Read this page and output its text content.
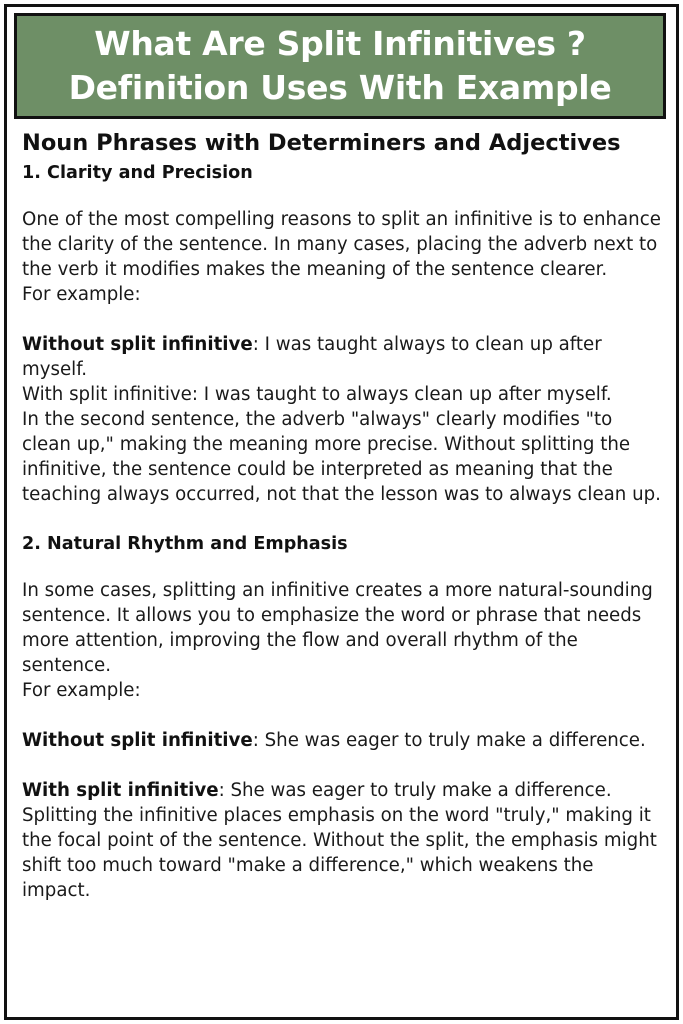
What Are Split Infinitives ?
Definition Uses With Example
Noun Phrases with Determiners and Adjectives
1. Clarity and Precision

One of the most compelling reasons to split an infinitive is to enhance the clarity of the sentence. In many cases, placing the adverb next to the verb it modifies makes the meaning of the sentence clearer.

For example:

Without split infinitive: I was taught always to clean up after myself.

With split infinitive: I was taught to always clean up after myself.

In the second sentence, the adverb "always" clearly modifies "to clean up," making the meaning more precise. Without splitting the infinitive, the sentence could be interpreted as meaning that the teaching always occurred, not that the lesson was to always clean up.

2. Natural Rhythm and Emphasis

In some cases, splitting an infinitive creates a more natural-sounding sentence. It allows you to emphasize the word or phrase that needs more attention, improving the flow and overall rhythm of the sentence.

For example:

Without split infinitive: She was eager to truly make a difference.

With split infinitive: She was eager to truly make a difference.

Splitting the infinitive places emphasis on the word "truly," making it the focal point of the sentence. Without the split, the emphasis might shift too much toward "make a difference," which weakens the impact.
